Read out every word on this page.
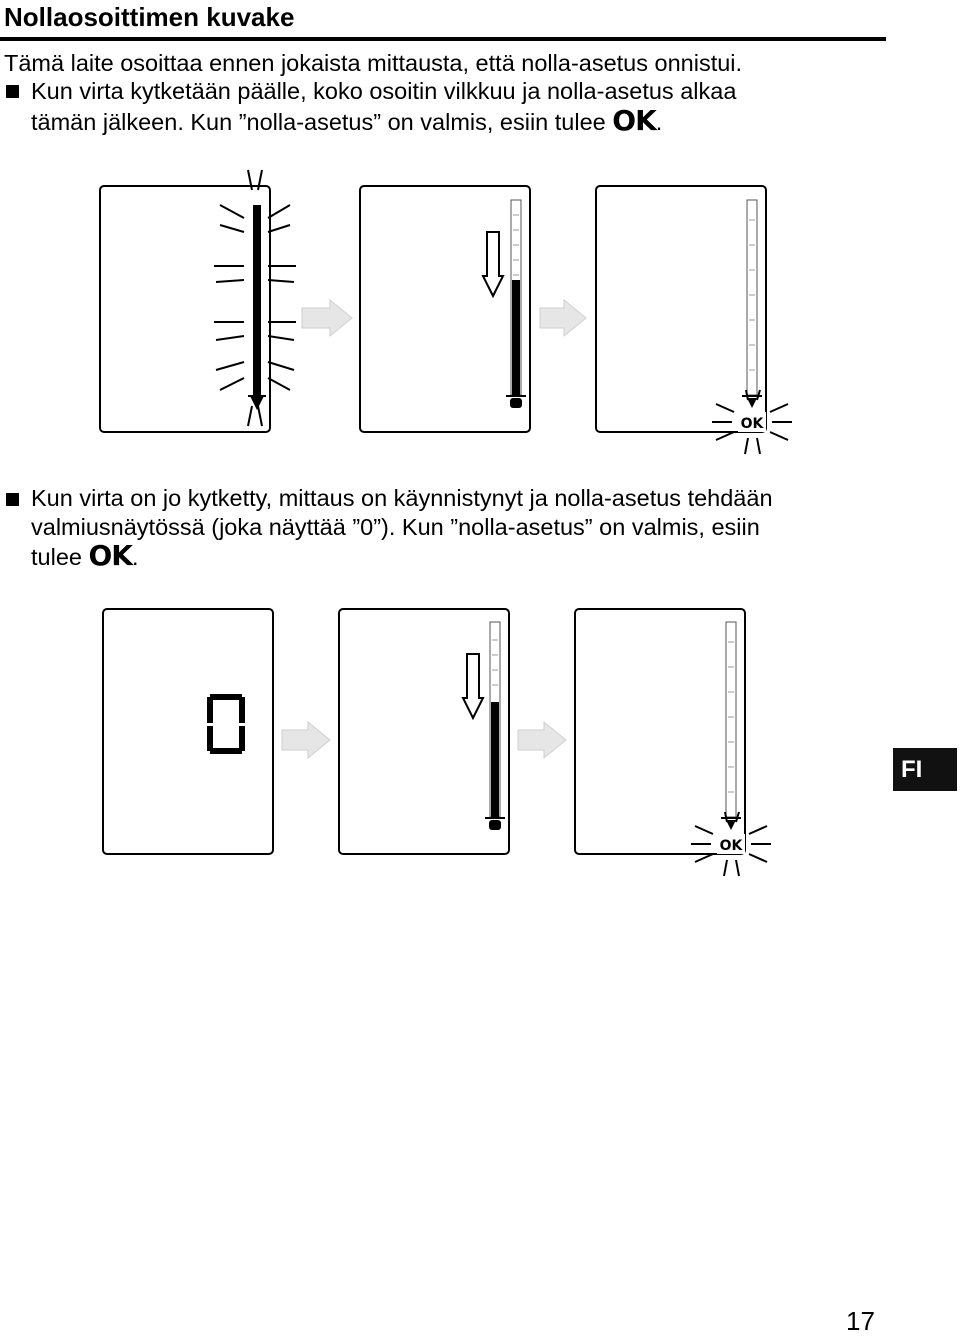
Nollaosoittimen kuvake
Tämä laite osoittaa ennen jokaista mittausta, että nolla-asetus onnistui.
Kun virta kytketään päälle, koko osoitin vilkkuu ja nolla-asetus alkaa
tämän jälkeen. Kun ”nolla-asetus” on valmis, esiin tulee OK.
OK
Kun virta on jo kytketty, mittaus on käynnistynyt ja nolla-asetus tehdään
valmiusnäytössä (joka näyttää ”0”). Kun ”nolla-asetus” on valmis, esiin
tulee OK.
OK
FI
17
